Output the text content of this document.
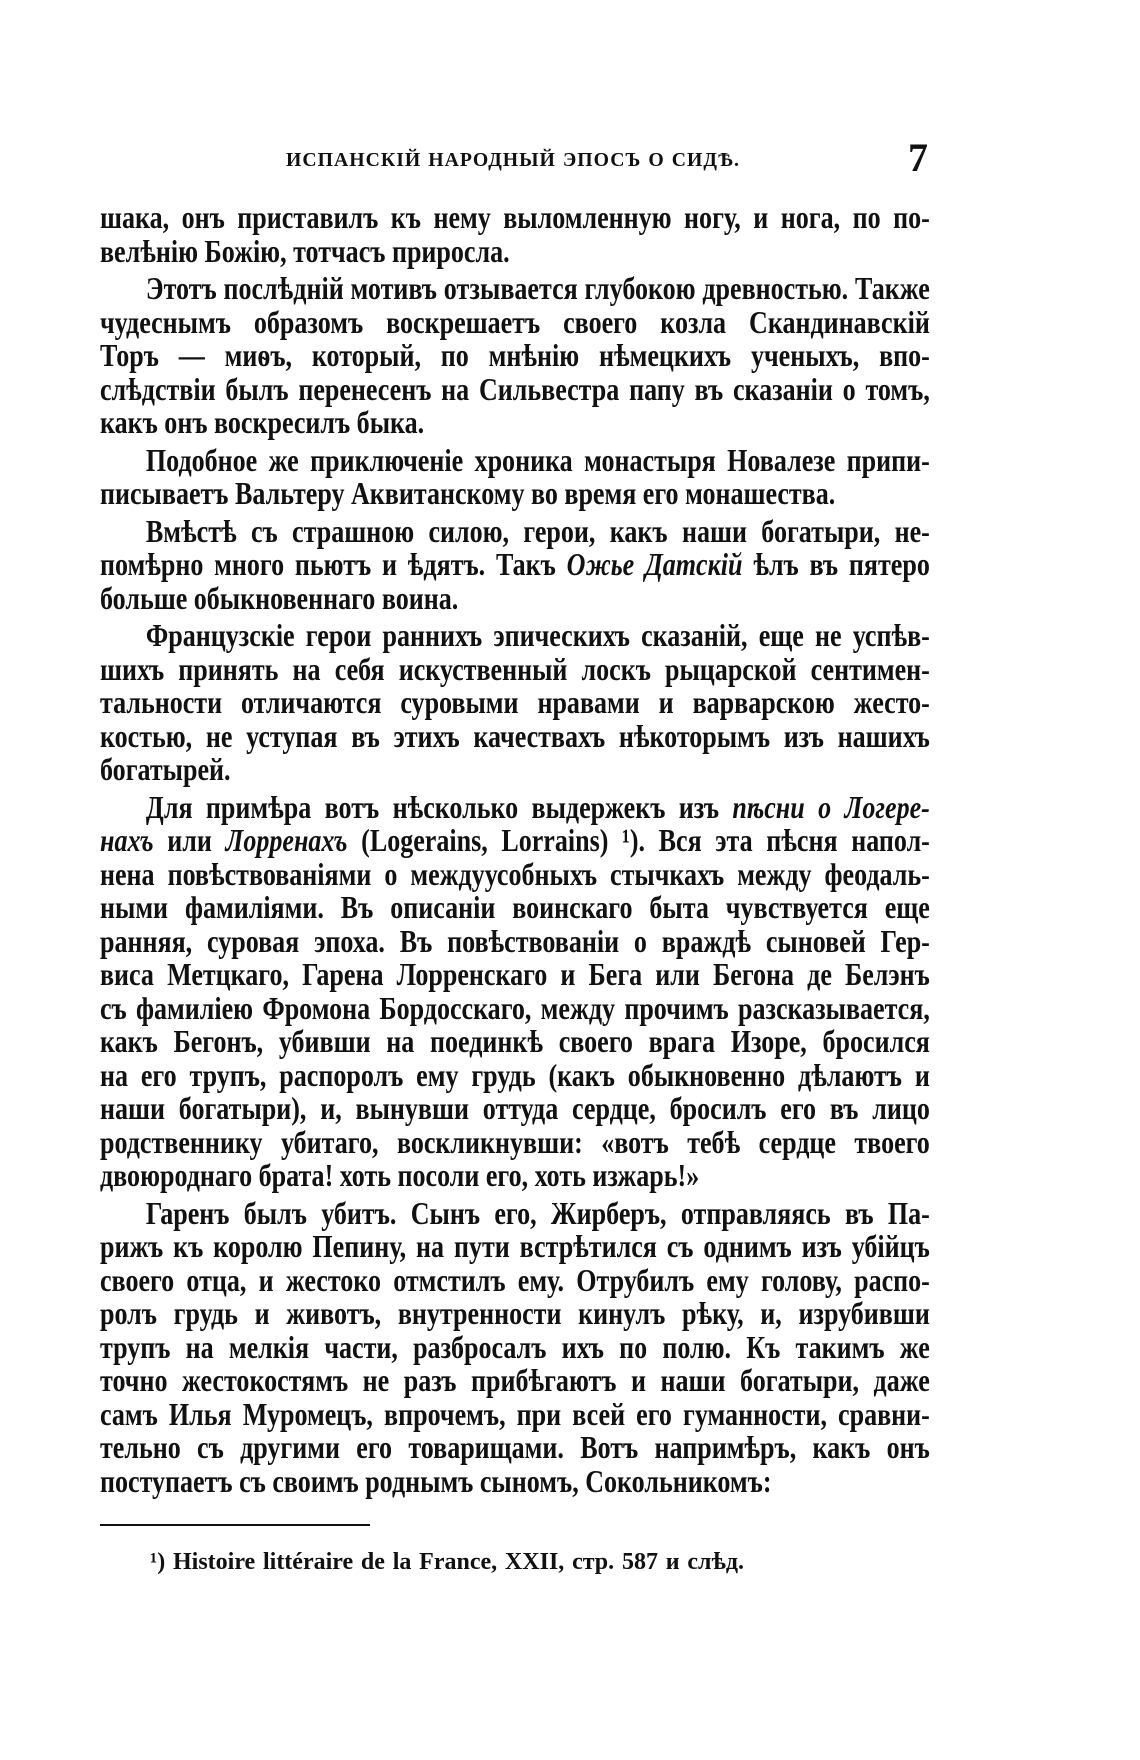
ИСПАНСКІЙ НАРОДНЫЙ ЭПОСЪ О СИДѢ.	7
шака, онъ приставилъ къ нему выломленную ногу, и нога, по по-
велѣнію Божію, тотчасъ приросла.
Этотъ послѣдній мотивъ отзывается глубокою древностью. Также
чудеснымъ образомъ воскрешаетъ своего козла Скандинавскій
Торъ — миѳъ, который, по мнѣнію нѣмецкихъ ученыхъ, впо-
слѣдствіи былъ перенесенъ на Сильвестра папу въ сказаніи о томъ,
какъ онъ воскресилъ быка.
Подобное же приключеніе хроника монастыря Новалезе припи-
писываетъ Вальтеру Аквитанскому во время его монашества.
Вмѣстѣ съ страшною силою, герои, какъ наши богатыри, не-
помѣрно много пьютъ и ѣдятъ. Такъ Ожье Датскій ѣлъ въ пятеро
больше обыкновеннаго воина.
Французскіе герои раннихъ эпическихъ сказаній, еще не успѣв-
шихъ принять на себя искуственный лоскъ рыцарской сентимен-
тальности отличаются суровыми нравами и варварскою жесто-
костью, не уступая въ этихъ качествахъ нѣкоторымъ изъ нашихъ
богатырей.
Для примѣра вотъ нѣсколько выдержекъ изъ пѣсни о Логере-
нахъ или Лорренахъ (Logerains, Lorrains) ¹). Вся эта пѣсня напол-
нена повѣствованіями о междуусобныхъ стычкахъ между феодаль-
ными фамиліями. Въ описаніи воинскаго быта чувствуется еще
ранняя, суровая эпоха. Въ повѣствованіи о враждѣ сыновей Гер-
виса Метцкаго, Гарена Лорренскаго и Бега или Бегона де Белэнъ
съ фамиліею Фромона Бордосскаго, между прочимъ разсказывается,
какъ Бегонъ, убивши на поединкѣ своего врага Изоре, бросился
на его трупъ, распоролъ ему грудь (какъ обыкновенно дѣлаютъ и
наши богатыри), и, вынувши оттуда сердце, бросилъ его въ лицо
родственнику убитаго, воскликнувши: «вотъ тебѣ сердце твоего
двоюроднаго брата! хоть посоли его, хоть изжарь!»
Гаренъ былъ убитъ. Сынъ его, Жирберъ, отправляясь въ Па-
рижъ къ королю Пепину, на пути встрѣтился съ однимъ изъ убійцъ
своего отца, и жестоко отмстилъ ему. Отрубилъ ему голову, распо-
ролъ грудь и животъ, внутренности кинулъ рѣку, и, изрубивши
трупъ на мелкія части, разбросалъ ихъ по полю. Къ такимъ же
точно жестокостямъ не разъ прибѣгаютъ и наши богатыри, даже
самъ Илья Муромецъ, впрочемъ, при всей его гуманности, сравни-
тельно съ другими его товарищами. Вотъ напримѣръ, какъ онъ
поступаетъ съ своимъ роднымъ сыномъ, Сокольникомъ:
¹) Histoire littéraire de la France, XXII, стр. 587 и слѣд.
